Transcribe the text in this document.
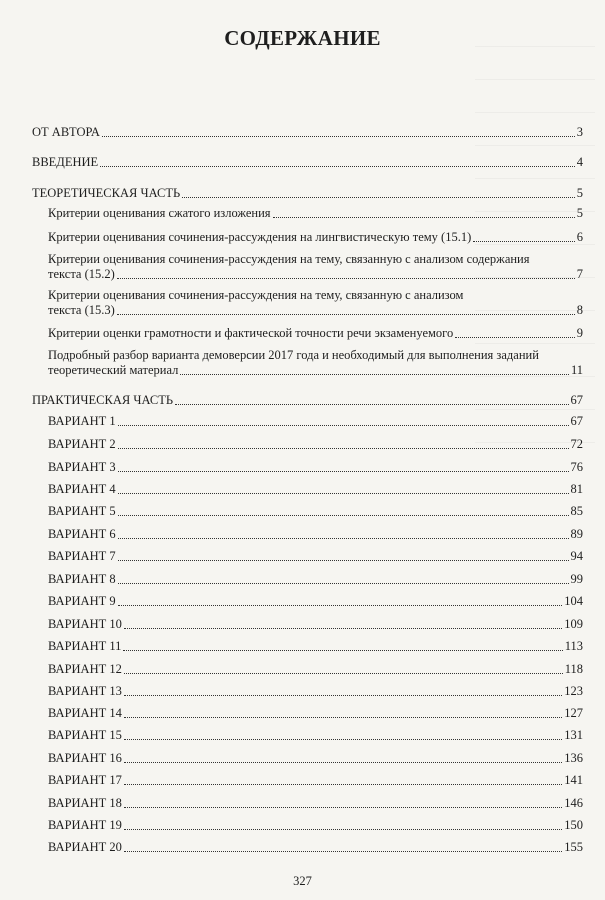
СОДЕРЖАНИЕ
ОТ АВТОРА	3
ВВЕДЕНИЕ	4
ТЕОРЕТИЧЕСКАЯ ЧАСТЬ	5
Критерии оценивания сжатого изложения	5
Критерии оценивания сочинения-рассуждения на лингвистическую тему (15.1)	6
Критерии оценивания сочинения-рассуждения на тему, связанную с анализом содержания
текста (15.2)	7
Критерии оценивания сочинения-рассуждения на тему, связанную с анализом
текста (15.3)	8
Критерии оценки грамотности и фактической точности речи экзаменуемого	9
Подробный разбор варианта демоверсии 2017 года и необходимый для выполнения заданий
теоретический материал	11
ПРАКТИЧЕСКАЯ ЧАСТЬ	67
ВАРИАНТ 1	67
ВАРИАНТ 2	72
ВАРИАНТ 3	76
ВАРИАНТ 4	81
ВАРИАНТ 5	85
ВАРИАНТ 6	89
ВАРИАНТ 7	94
ВАРИАНТ 8	99
ВАРИАНТ 9	104
ВАРИАНТ 10	109
ВАРИАНТ 11	113
ВАРИАНТ 12	118
ВАРИАНТ 13	123
ВАРИАНТ 14	127
ВАРИАНТ 15	131
ВАРИАНТ 16	136
ВАРИАНТ 17	141
ВАРИАНТ 18	146
ВАРИАНТ 19	150
ВАРИАНТ 20	155
327
